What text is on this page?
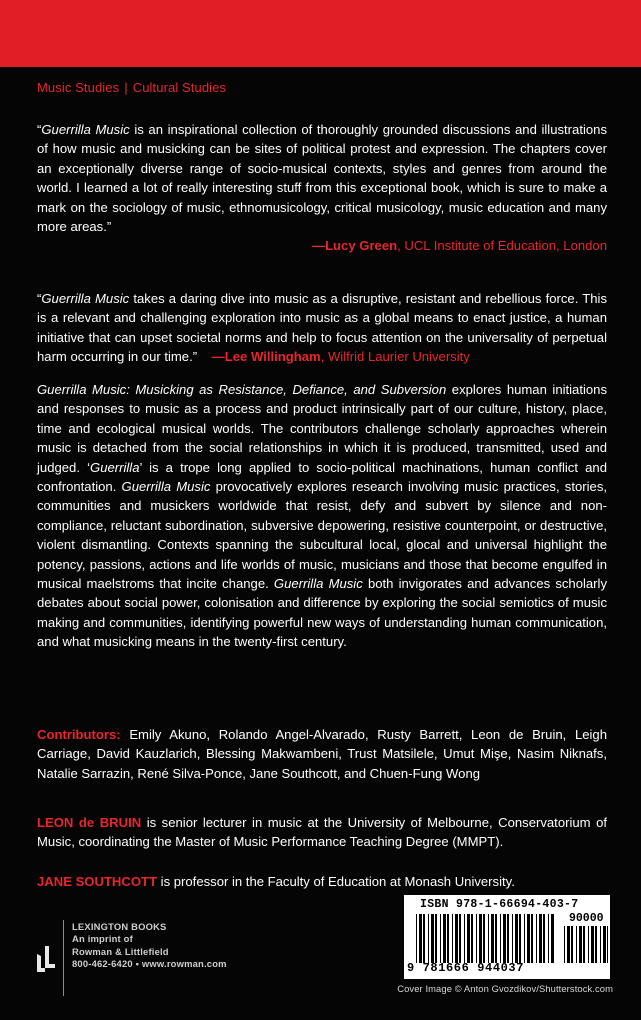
Music Studies | Cultural Studies
“Guerrilla Music is an inspirational collection of thoroughly grounded discussions and illustrations of how music and musicking can be sites of political protest and expression. The chapters cover an exceptionally diverse range of socio-musical contexts, styles and genres from around the world. I learned a lot of really interesting stuff from this exceptional book, which is sure to make a mark on the sociology of music, ethnomusicology, critical musicology, music education and many more areas.”
—Lucy Green, UCL Institute of Education, London
“Guerrilla Music takes a daring dive into music as a disruptive, resistant and rebellious force. This is a relevant and challenging exploration into music as a global means to enact justice, a human initiative that can upset societal norms and help to focus attention on the universality of perpetual harm occurring in our time.” —Lee Willingham, Wilfrid Laurier University
Guerrilla Music: Musicking as Resistance, Defiance, and Subversion explores human initiations and responses to music as a process and product intrinsically part of our culture, history, place, time and ecological musical worlds. The contributors challenge scholarly approaches wherein music is detached from the social relationships in which it is produced, transmitted, used and judged. ‘Guerrilla’ is a trope long applied to socio-political machinations, human conflict and confrontation. Guerrilla Music provocatively explores research involving music practices, stories, communities and musickers worldwide that resist, defy and subvert by silence and non-compliance, reluctant subordination, subversive depowering, resistive counterpoint, or destructive, violent dismantling. Contexts spanning the subcultural local, glocal and universal highlight the potency, passions, actions and life worlds of music, musicians and those that become engulfed in musical maelstroms that incite change. Guerrilla Music both invigorates and advances scholarly debates about social power, colonisation and difference by exploring the social semiotics of music making and communities, identifying powerful new ways of understanding human communication, and what musicking means in the twenty-first century.
Contributors: Emily Akuno, Rolando Angel-Alvarado, Rusty Barrett, Leon de Bruin, Leigh Carriage, David Kauzlarich, Blessing Makwambeni, Trust Matsilele, Umut Mişe, Nasim Niknafs, Natalie Sarrazin, René Silva-Ponce, Jane Southcott, and Chuen-Fung Wong
LEON de BRUIN is senior lecturer in music at the University of Melbourne, Conservatorium of Music, coordinating the Master of Music Performance Teaching Degree (MMPT).
JANE SOUTHCOTT is professor in the Faculty of Education at Monash University.
LEXINGTON BOOKS
An imprint of
Rowman & Littlefield
800-462-6420 • www.rowman.com
ISBN 978-1-66694-403-7
9 781666 944037
90000
Cover Image © Anton Gvozdikov/Shutterstock.com
